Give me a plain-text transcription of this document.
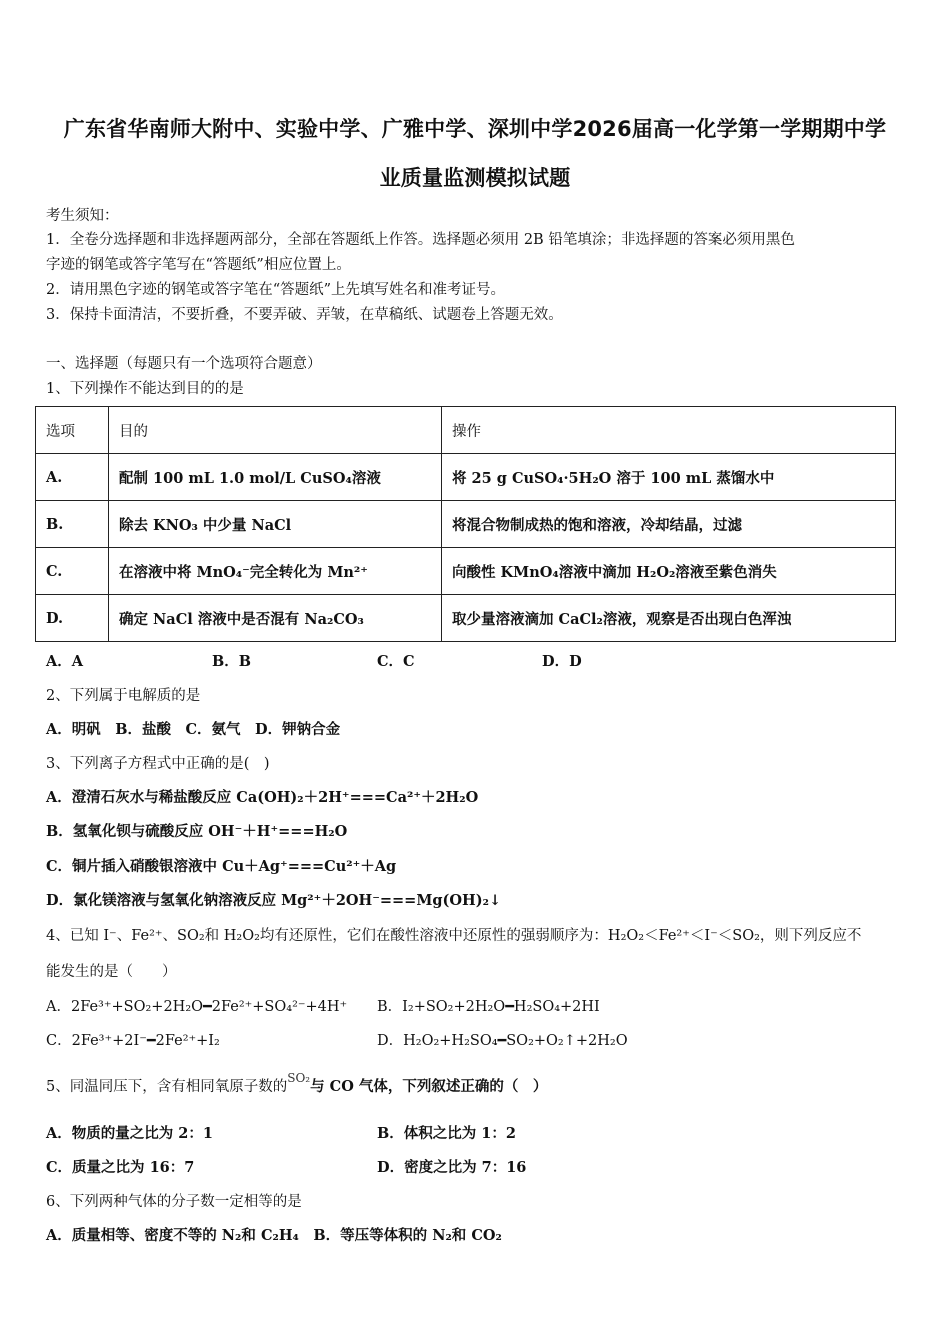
广东省华南师大附中、实验中学、广雅中学、深圳中学2026届高一化学第一学期期中学
业质量监测模拟试题
考生须知：
1．全卷分选择题和非选择题两部分，全部在答题纸上作答。选择题必须用 2B 铅笔填涂；非选择题的答案必须用黑色
字迹的钢笔或答字笔写在“答题纸”相应位置上。
2．请用黑色字迹的钢笔或答字笔在“答题纸”上先填写姓名和准考证号。
3．保持卡面清洁，不要折叠，不要弄破、弄皱，在草稿纸、试题卷上答题无效。
一、选择题（每题只有一个选项符合题意）
1、下列操作不能达到目的的是
选项	目的	操作
A.	配制 100 mL 1.0 mol/L CuSO₄溶液	将 25 g CuSO₄·5H₂O 溶于 100 mL 蒸馏水中
B.	除去 KNO₃ 中少量 NaCl	将混合物制成热的饱和溶液，冷却结晶，过滤
C.	在溶液中将 MnO₄⁻完全转化为 Mn²⁺	向酸性 KMnO₄溶液中滴加 H₂O₂溶液至紫色消失
D.	确定 NaCl 溶液中是否混有 Na₂CO₃	取少量溶液滴加 CaCl₂溶液，观察是否出现白色浑浊
A．A	B．B	C．C	D．D
2、下列属于电解质的是
A．明矾　B．盐酸　C．氨气　D．钾钠合金
3、下列离子方程式中正确的是(　)
A．澄清石灰水与稀盐酸反应 Ca(OH)₂＋2H⁺===Ca²⁺＋2H₂O
B．氢氧化钡与硫酸反应 OH⁻＋H⁺===H₂O
C．铜片插入硝酸银溶液中 Cu＋Ag⁺===Cu²⁺＋Ag
D．氯化镁溶液与氢氧化钠溶液反应 Mg²⁺＋2OH⁻===Mg(OH)₂↓
4、已知 I⁻、Fe²⁺、SO₂和 H₂O₂均有还原性，它们在酸性溶液中还原性的强弱顺序为：H₂O₂＜Fe²⁺＜I⁻＜SO₂，则下列反应不
能发生的是（　　）
A．2Fe³⁺+SO₂+2H₂O━2Fe²⁺+SO₄²⁻+4H⁺ B．I₂+SO₂+2H₂O━H₂SO₄+2HI
C．2Fe³⁺+2I⁻━2Fe²⁺+I₂	D．H₂O₂+H₂SO₄━SO₂+O₂↑+2H₂O
5、同温同压下，含有相同氧原子数的$^{SO_2}$与 CO 气体，下列叙述正确的（　）
A．物质的量之比为 2：1	B．体积之比为 1：2
C．质量之比为 16：7	D．密度之比为 7：16
6、下列两种气体的分子数一定相等的是
A．质量相等、密度不等的 N₂和 C₂H₄　B．等压等体积的 N₂和 CO₂
